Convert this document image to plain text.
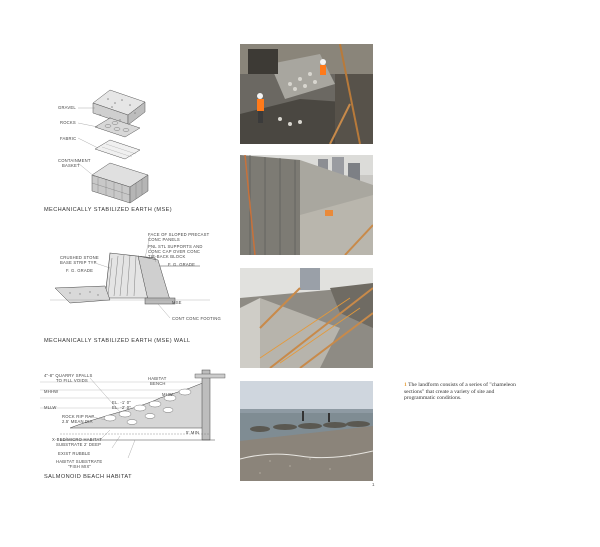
GRAVEL
ROCKS
FABRIC
CONTAINMENT
BASKET
MECHANICALLY STABILIZED EARTH (MSE)
FACE OF SLOPED PRECAST
CONC PANELS
PNL STL SUPPORTS AND
CONC CAP OVER CONC
TIE-BACK BLOCK
F. G. GRADE
CRUSHED STONE
BASE STRIP TYP
F. G. GRADE
MSE
CONT CONC FOOTING
MECHANICALLY STABILIZED EARTH (MSE) WALL
4"-8" QUARRY SPALLS
TO FILL VOIDS	HABITAT
BENCH
MHHW
MHW
EL. -1' 0"
EL. -2' 0"
MLLW
ROCK RIP RAP
2.5' MEAN DIA
5' MIN
X-BED/MICRO HABITAT
SUBSTRATE 2' DEEP
EXIST RUBBLE
HABITAT SUBSTRATE
"FISH MIX"
SALMONOID BEACH HABITAT
1 The landform consists of a series of "chameleon sections" that create a variety of site and programmatic conditions.
1
